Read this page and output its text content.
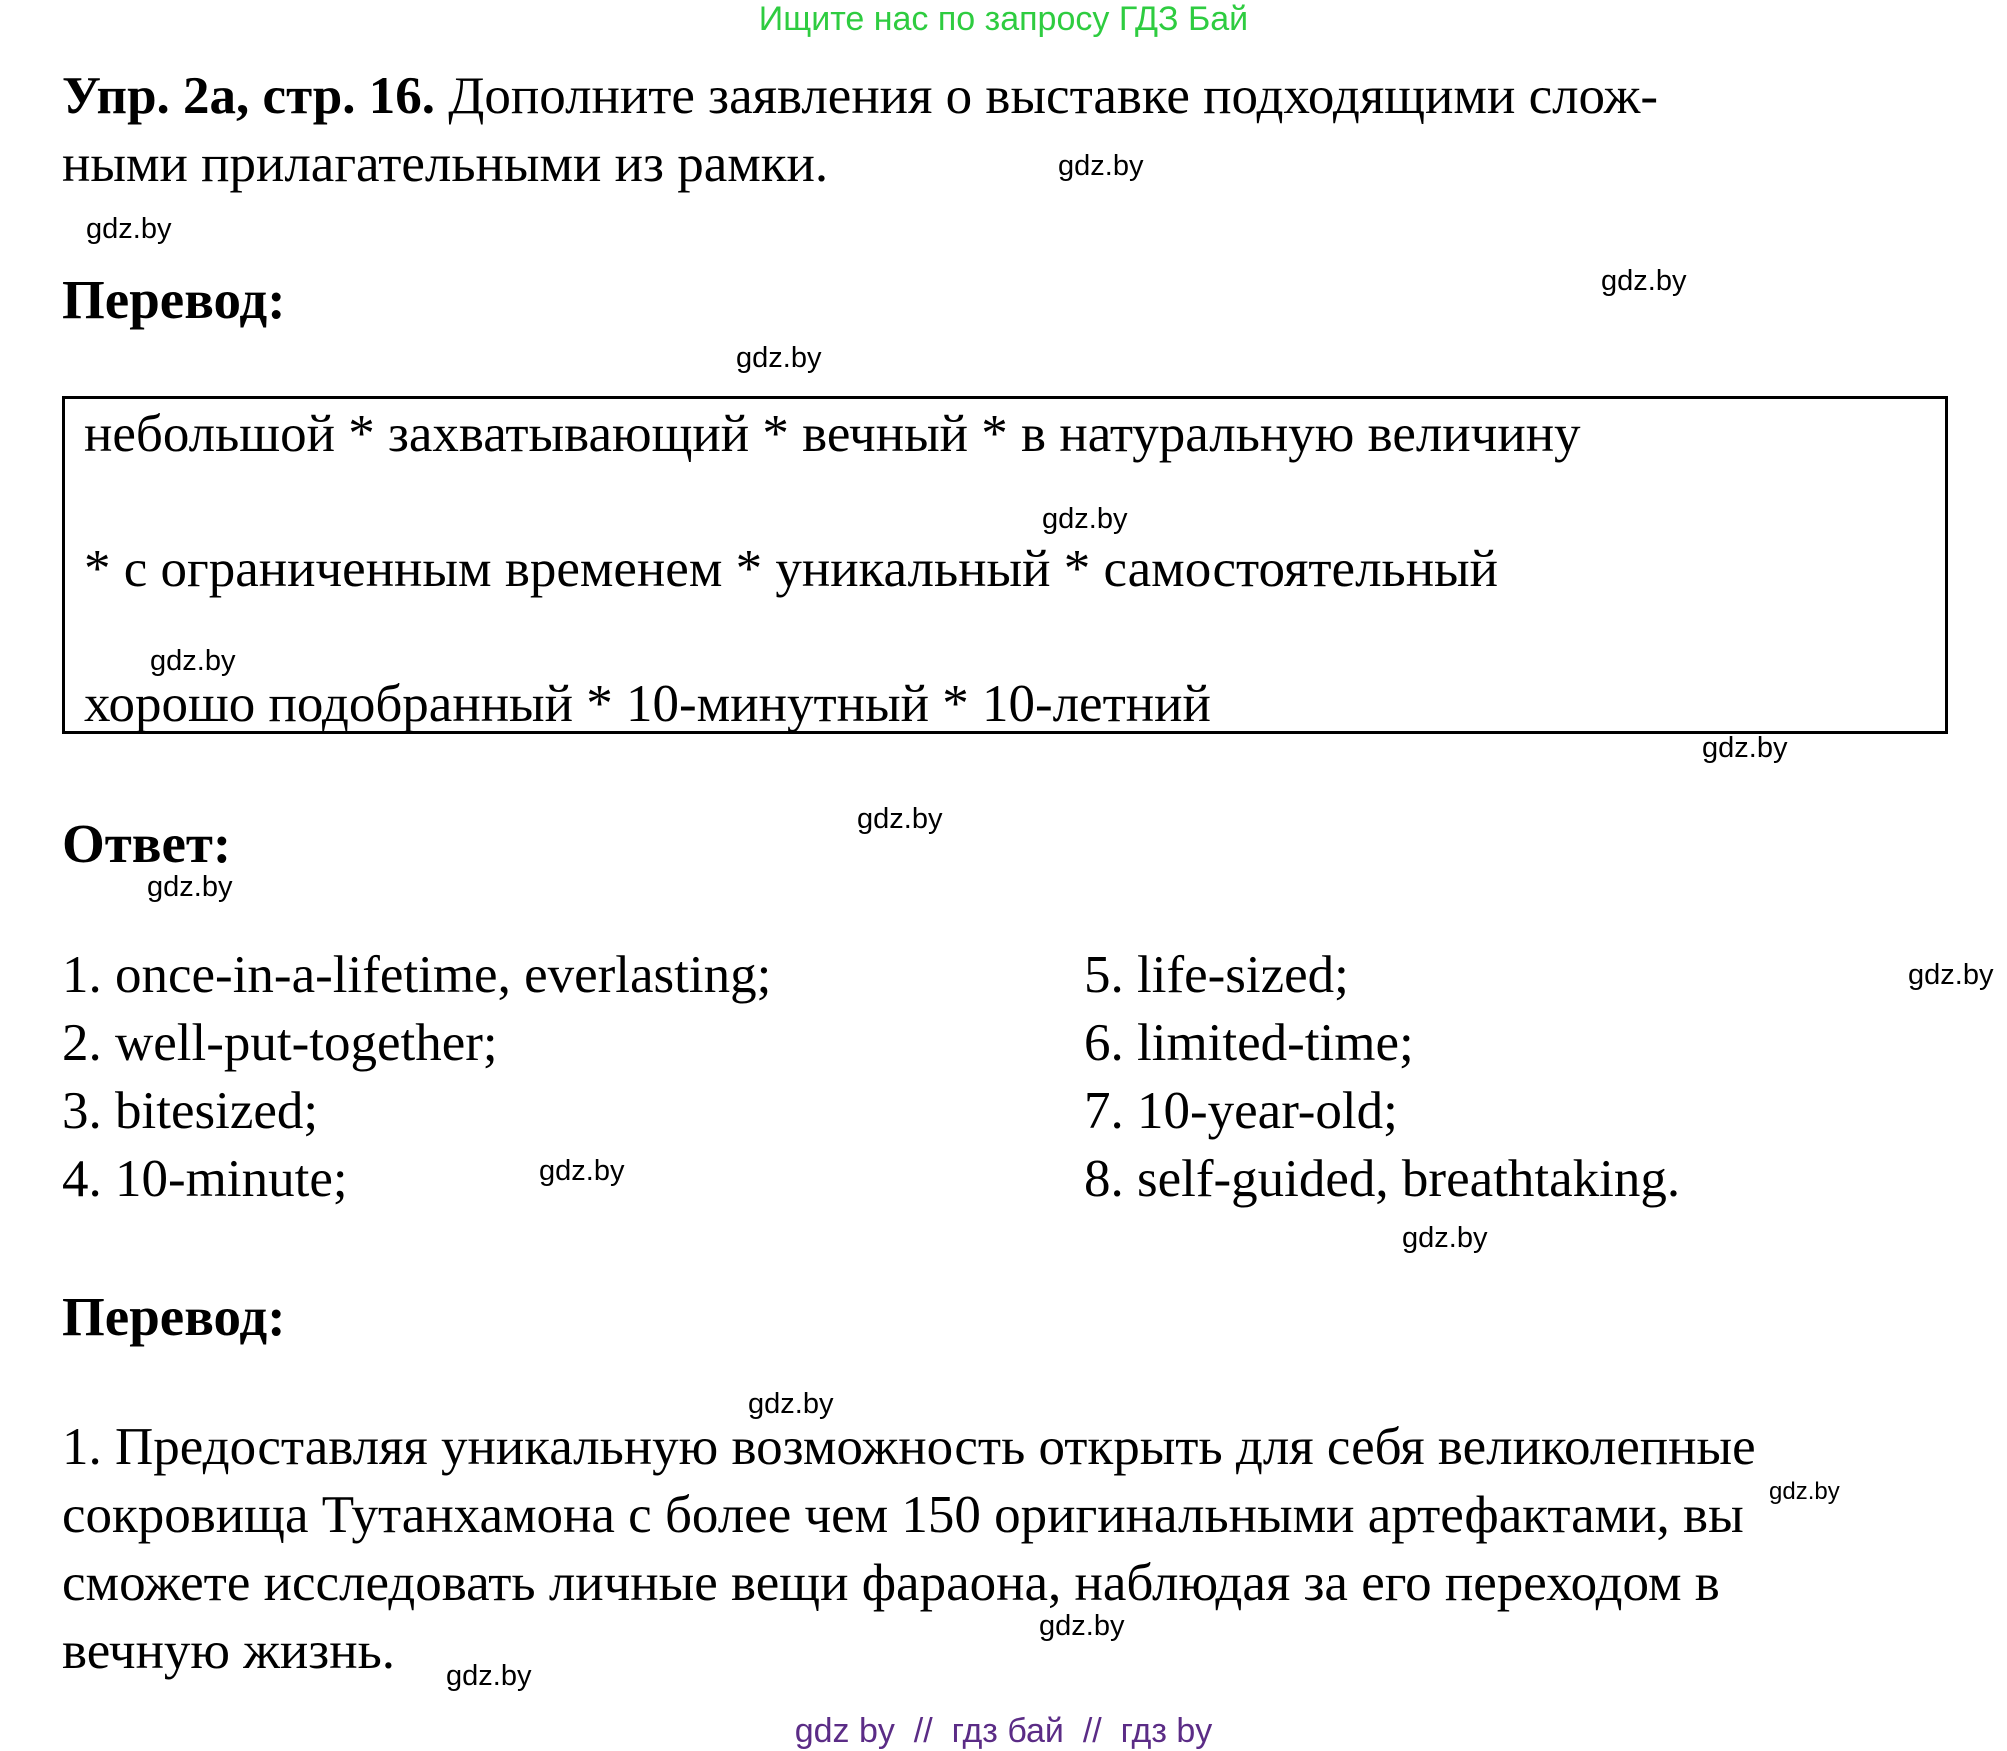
Ищите нас по запросу ГДЗ Бай
Упр. 2a, стр. 16. Дополните заявления о выставке подходящими слож-
ными прилагательными из рамки.
Перевод:
небольшой * захватывающий * вечный * в натуральную величину
* с ограниченным временем * уникальный * самостоятельный
хорошо подобранный * 10-минутный * 10-летний
Ответ:
1. once-in-a-lifetime, everlasting;
2. well-put-together;
3. bitesized;
4. 10-minute;
5. life-sized;
6. limited-time;
7. 10-year-old;
8. self-guided, breathtaking.
Перевод:
1. Предоставляя уникальную возможность открыть для себя великолепные
сокровища Тутанхамона с более чем 150 оригинальными артефактами, вы
сможете исследовать личные вещи фараона, наблюдая за его переходом в
вечную жизнь.
gdz.by
gdz.by
gdz.by
gdz.by
gdz.by
gdz.by
gdz.by
gdz.by
gdz.by
gdz.by
gdz.by
gdz.by
gdz.by
gdz.by
gdz.by
gdz.by
gdz by  //  гдз бай  //  гдз by
